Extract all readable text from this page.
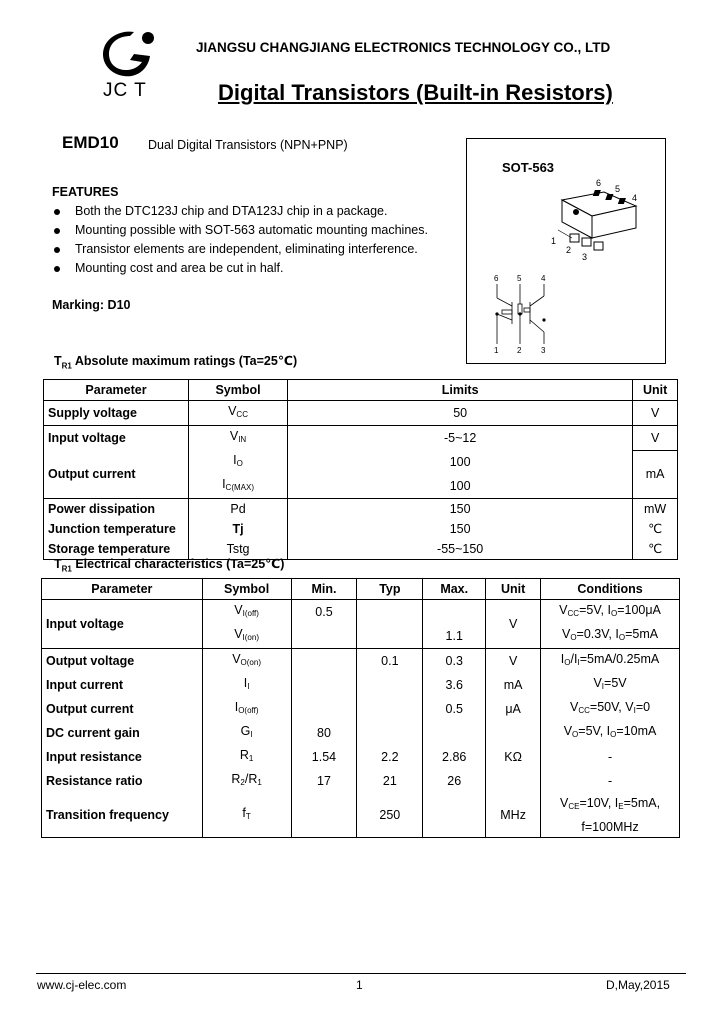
JC T
JIANGSU CHANGJIANG ELECTRONICS TECHNOLOGY CO., LTD
Digital Transistors (Built-in Resistors)
EMD10 Dual Digital Transistors (NPN+PNP)
SOT-563
6
5
4
1
2
3
6 5 4
1 2 3
FEATURES
Both the DTC123J chip and DTA123J chip in a package.
Mounting possible with SOT-563 automatic mounting machines.
Transistor elements are independent, eliminating interference.
Mounting cost and area be cut in half.
Marking: D10
$T_{R1}$ Absolute maximum ratings (Ta=25℃)
Parameter	Symbol	Limits	Unit
Supply voltage	$V_{CC}$	50	V
Input voltage	$V_{IN}$	-5~12	V
Output current	$I_O$	100	mA
	$I_{C(MAX)}$	100	
Power dissipation	Pd	150	mW
Junction temperature	Tj	150	℃
Storage temperature	Tstg	-55~150	℃
$T_{R1}$ Electrical characteristics (Ta=25℃)
Parameter	Symbol	Min.	Typ	Max.	Unit	Conditions
Input voltage	$V_{I(off)}$	0.5			V	$V_{CC}=5V$, $I_O=100\mu A$
	$V_{I(on)}$			1.1		$V_O=0.3V$, $I_O=5mA$
Output voltage	$V_{O(on)}$		0.1	0.3	V	$I_O/I_I=5mA/0.25mA$
Input current	$I_I$			3.6	mA	$V_I=5V$
Output current	$I_{O(off)}$			0.5	μA	$V_{CC}=50V$, $V_I=0$
DC current gain	$G_I$	80				$V_O=5V$, $I_O=10mA$
Input resistance	$R_1$	1.54	2.2	2.86	KΩ	-
Resistance ratio	$R_2/R_1$	17	21	26		-
Transition frequency	$f_T$		250		MHz	$V_{CE}=10V$, $I_E=5mA$, f=100MHz
www.cj-elec.com	1	D,May,2015
